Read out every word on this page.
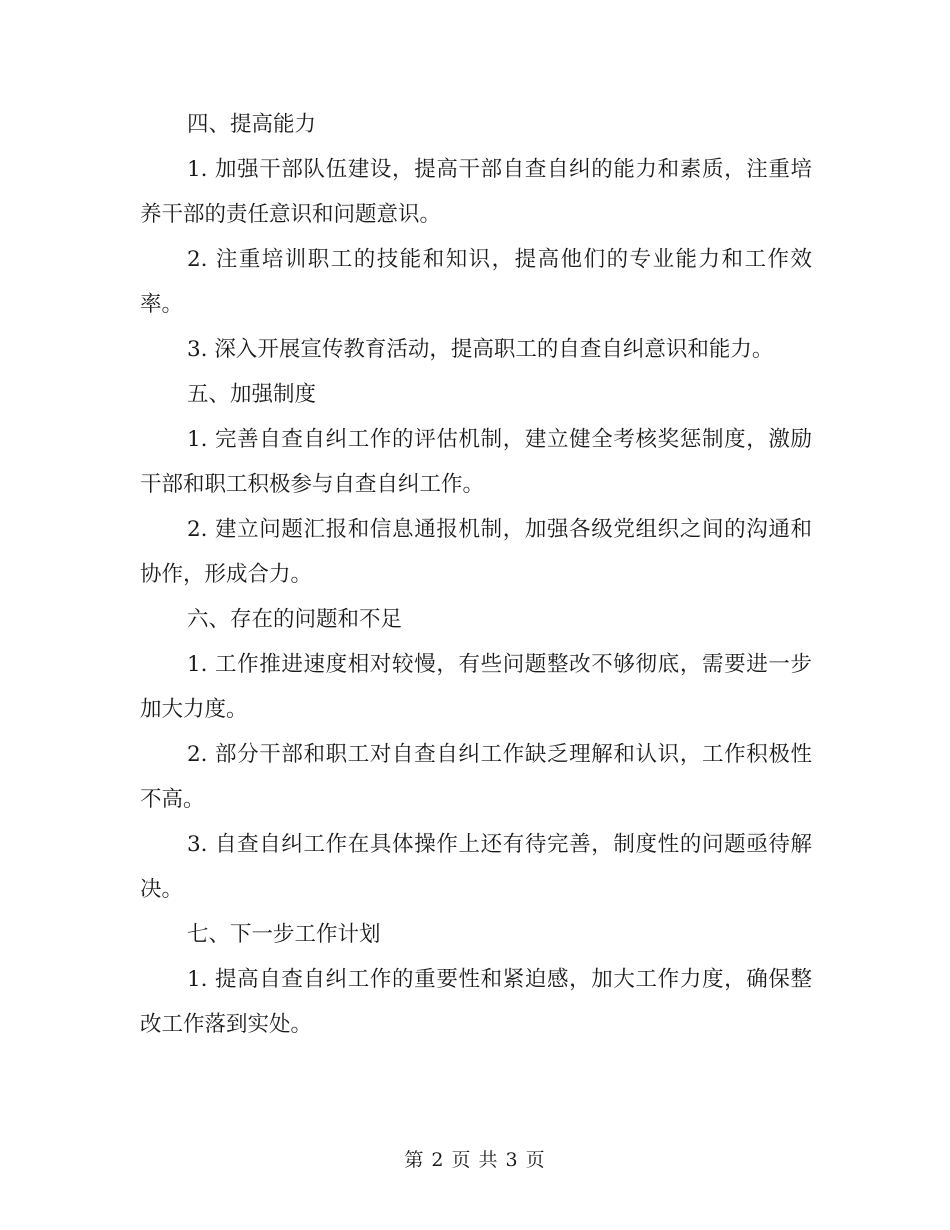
四、提高能力

1. 加强干部队伍建设，提高干部自查自纠的能力和素质，注重培养干部的责任意识和问题意识。

2. 注重培训职工的技能和知识，提高他们的专业能力和工作效率。

3. 深入开展宣传教育活动，提高职工的自查自纠意识和能力。

五、加强制度

1. 完善自查自纠工作的评估机制，建立健全考核奖惩制度，激励干部和职工积极参与自查自纠工作。

2. 建立问题汇报和信息通报机制，加强各级党组织之间的沟通和协作，形成合力。

六、存在的问题和不足

1. 工作推进速度相对较慢，有些问题整改不够彻底，需要进一步加大力度。

2. 部分干部和职工对自查自纠工作缺乏理解和认识，工作积极性不高。

3. 自查自纠工作在具体操作上还有待完善，制度性的问题亟待解决。

七、下一步工作计划

1. 提高自查自纠工作的重要性和紧迫感，加大工作力度，确保整改工作落到实处。

第 2 页 共 3 页
